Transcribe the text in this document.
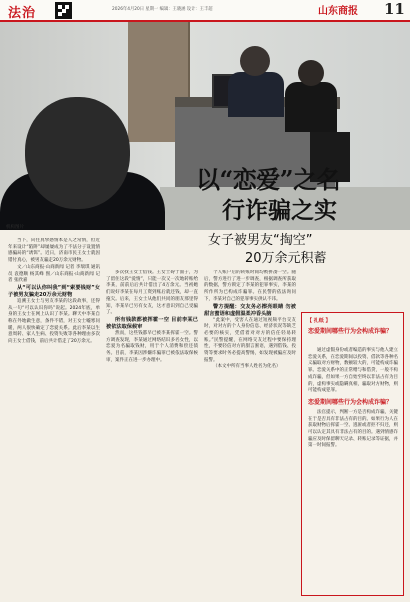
法治	2026年4月20日 星期一 编辑：王晓涵 设计：王丰超	山东商报 11
机构图片
以“恋爱”之名
行诈骗之实
女子被男友“掏空”
20万余元积蓄

当下，向往真挚感情本是人之常情，但近年来设计“陷阱”却屡屡成为了不法分子设置情感骗局的“诱饵”。近日，济南市民王女士就因错付真心，被男友骗走20万余元财物。

文／山东商报·山商新闻 记者 李瑞琪 通讯员 袁德顺 杨其峰 图／山东商报·山商新闻 记者 张欣嘉

从“可以认你叫我”到“索要钱财”女子被男友骗走20万余元财物

追溯王女士与男友李某的这段故事，还得从一句“可以认识你吗”说起。2024年底，单身的王女士在网上认识了李某。聊天中李某自称在外地做生意，条件不错，对王女士嘘寒问暖，两人很快确定了恋爱关系。此后李某以生意周转、家人生病、投资失败等各种理由多次向王女士借钱，前后共计借走了20万余元。

多次找王女士借钱。王女士碍于面子，为了留住这段“爱情”，只能一次又一次地转账给李某，前前后后共计借出了4万余元。当初她们说好李某在每月工资到账后就还钱，却一直拖欠。后来，王女士从他们共同的朋友那里得知，李某早已另有女友，这才意识到自己受骗了。

所有钱款都被挥霍一空 目前李某已被依法取保候审

然而，这些钱都早已被李某挥霍一空。警方调查发现，李某通过网络结识多名女性，以恋爱为名骗取钱财，用于个人消费和偿还债务。目前，李某因涉嫌诈骗罪已被依法取保候审，案件正在进一步办理中。

个人账户后的转账时间均被拼凑一空。随后，警方进行了进一步调查，根据调查所获取的数据，警方锁定了李某的犯罪事实，李某的所作所为已构成诈骗罪。在民警的依法询问下，李某对自己的犯罪事实供认不讳。

警方提醒：交友务必擦亮眼睛 勿被甜言蜜语和虚假温柔冲昏头脑

“此案中，受害人在通过短视频平台交友时，对对方的个人身份信息、经济状况等缺乏必要的核实，凭借着对对方的信任轻易转账。”民警提醒，在网络交友过程中要保持理性，不要轻信对方的甜言蜜语，遇到借钱、投资等要求时务必提高警惕，如发现被骗应及时报警。

（本文中所有当事人姓名为化名）

【 扎纸 】
恋爱期间哪些行为会构成诈骗？

通过虚假身份或者编造的事实与他人建立恋爱关系，在恋爱期间以投资、借款等各种名义骗取对方财物，数额较大的，可能构成诈骗罪。恋爱关系中的正常赠与和借贷，一般不构成诈骗，但如果一方自始至终以非法占有为目的，虚构事实或隐瞒真相，骗取对方财物，则可能构成犯罪。

恋爱期间哪些行为会构成诈骗？

法官提示，判断一方是否构成诈骗，关键在于是否具有非法占有的目的。如果行为人在获取财物后挥霍一空、逃匿或者拒不归还，则可以认定其具有非法占有的目的。遇到情感诈骗应及时保留聊天记录、转账记录等证据，并第一时间报警。
